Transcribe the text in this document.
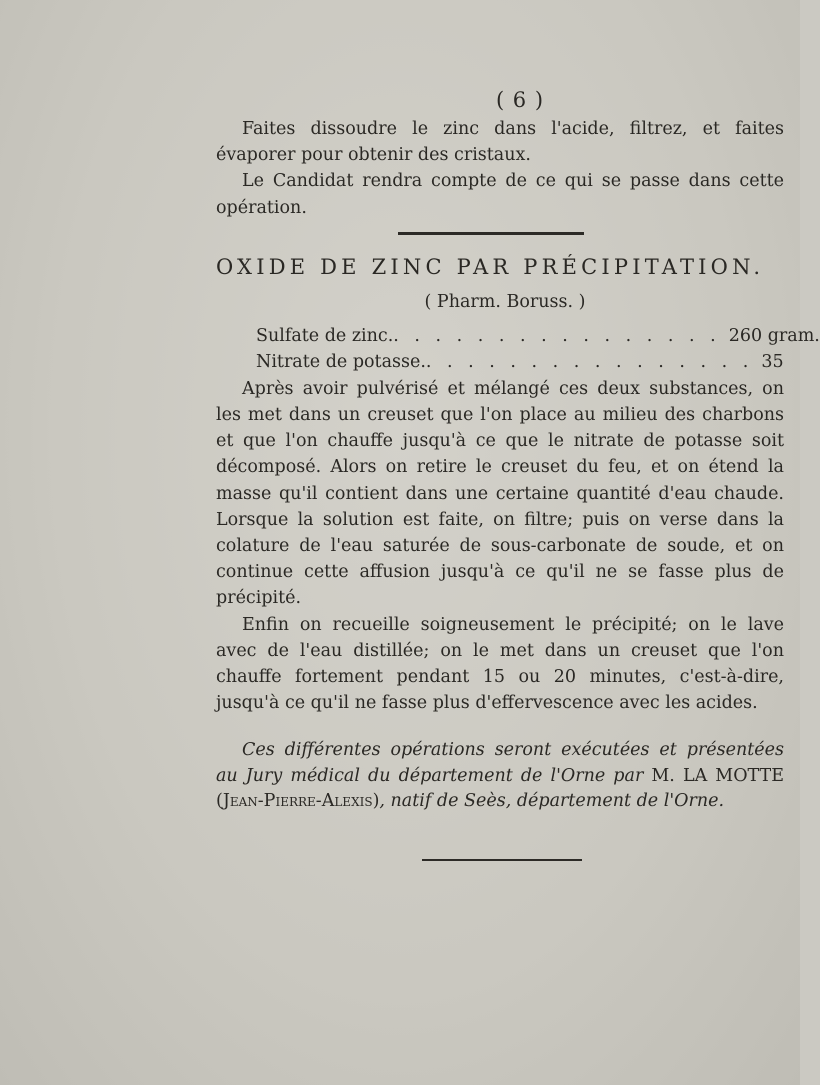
( 6 )

Faites dissoudre le zinc dans l'acide, filtrez, et faites évaporer pour obtenir des cristaux.

Le Candidat rendra compte de ce qui se passe dans cette opération.

OXIDE DE ZINC PAR PRÉCIPITATION.
( Pharm. Boruss. )
Sulfate de zinc. . . . . . . . . . . . . . . . . 260 gram.
Nitrate de potasse. . . . . . . . . . . . . . . . . 35

Après avoir pulvérisé et mélangé ces deux substances, on les met dans un creuset que l'on place au milieu des charbons et que l'on chauffe jusqu'à ce que le nitrate de potasse soit décomposé. Alors on retire le creuset du feu, et on étend la masse qu'il contient dans une certaine quantité d'eau chaude. Lorsque la solution est faite, on filtre; puis on verse dans la colature de l'eau saturée de sous-carbonate de soude, et on continue cette affusion jusqu'à ce qu'il ne se fasse plus de précipité.

Enfin on recueille soigneusement le précipité; on le lave avec de l'eau distillée; on le met dans un creuset que l'on chauffe fortement pendant 15 ou 20 minutes, c'est-à-dire, jusqu'à ce qu'il ne fasse plus d'effervescence avec les acides.

Ces différentes opérations seront exécutées et présentées au Jury médical du département de l'Orne par M. LA MOTTE (Jean-Pierre-Alexis), natif de Seès, département de l'Orne.
